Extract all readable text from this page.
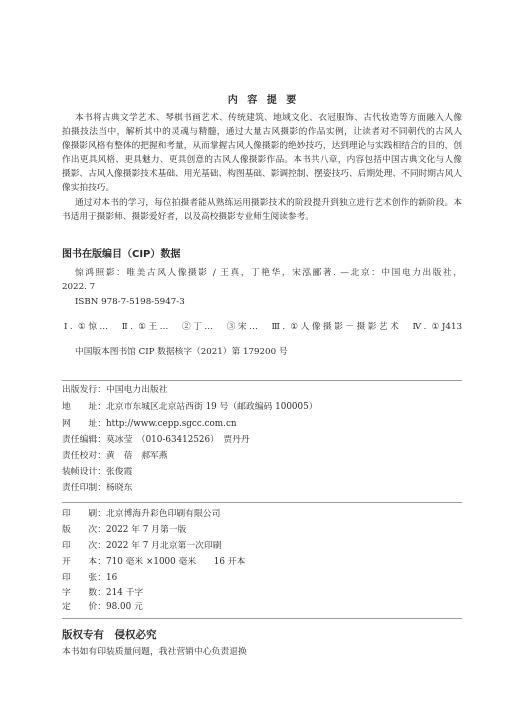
内 容 提 要
本书将古典文学艺术、琴棋书画艺术、传统建筑、地域文化、衣冠服饰、古代妆造等方面融入人像
拍摄技法当中，解析其中的灵魂与精髓，通过大量古风摄影的作品实例，让读者对不同朝代的古风人
像摄影风格有整体的把握和考量，从而掌握古风人像摄影的绝妙技巧，达到理论与实践相结合的目的，创
作出更具风格、更具魅力、更具创意的古风人像摄影作品。本书共八章，内容包括中国古典文化与人像
摄影、古风人像摄影技术基础、用光基础、构图基础、影调控制、摆姿技巧、后期处理、不同时期古风人
像实拍技巧。
通过对本书的学习，每位拍摄者能从熟练运用摄影技术的阶段提升到独立进行艺术创作的新阶段。本
书适用于摄影师、摄影爱好者，以及高校摄影专业师生阅读参考。
图书在版编目（CIP）数据
惊鸿照影：唯美古风人像摄影 / 王真，丁艳华，宋泓郦著. —北京：中国电力出版社，
2022. 7
ISBN 978-7-5198-5947-3
Ⅰ. ①惊…　Ⅱ. ①王…　②丁…　③宋…　Ⅲ. ①人像摄影－摄影艺术　Ⅳ. ①J413
中国版本图书馆 CIP 数据核字（2021）第 179200 号
出版发行：中国电力出版社
地　　址：北京市东城区北京站西街 19 号（邮政编码 100005）
网　　址：http://www.cepp.sgcc.com.cn
责任编辑：莫冰莹　（010-63412526）　贾丹丹
责任校对：黄　蓓　郝军燕
装帧设计：张俊霞
责任印制：杨晓东
印　　刷：北京博海升彩色印刷有限公司
版　　次：2022 年 7 月第一版
印　　次：2022 年 7 月北京第一次印刷
开　　本：710 毫米 ×1000 毫米　　16 开本
印　　张：16
字　　数：214 千字
定　　价：98.00 元
版权专有　侵权必究
本书如有印装质量问题，我社营销中心负责退换
